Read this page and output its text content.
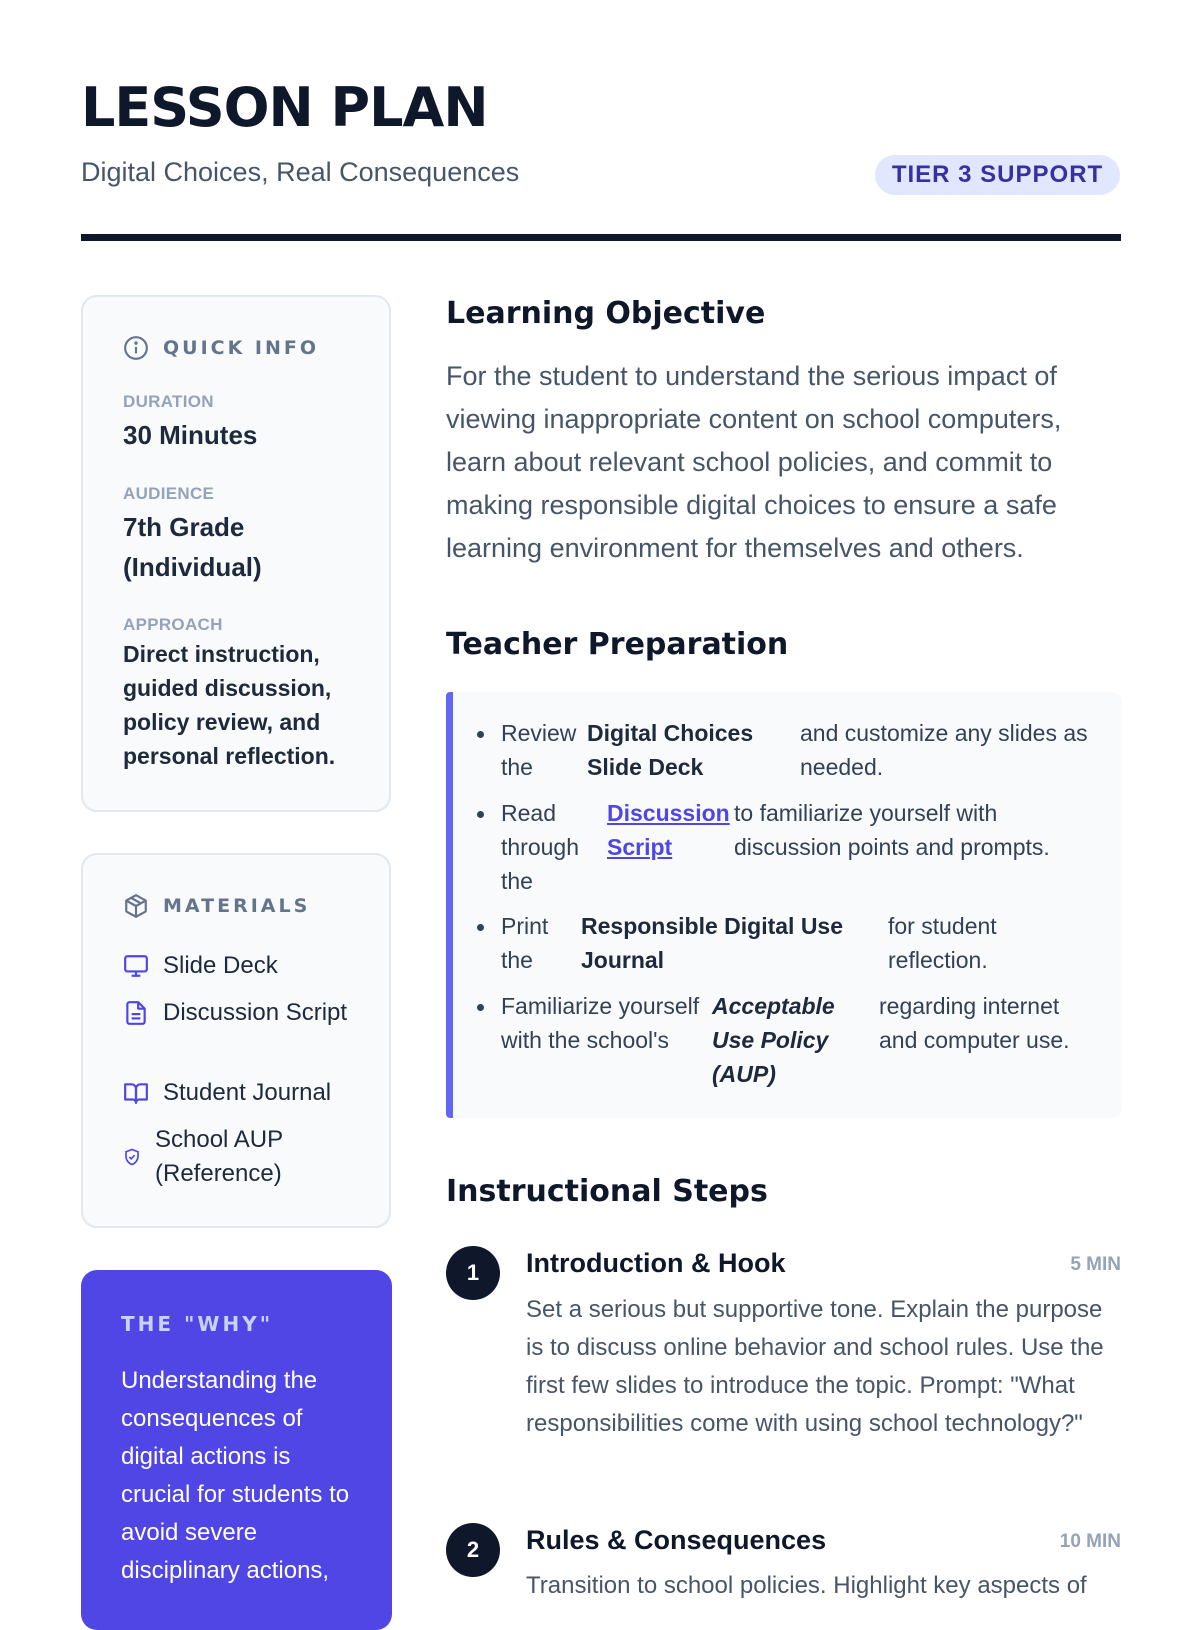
LESSON PLAN
Digital Choices, Real Consequences	TIER 3 SUPPORT
QUICK INFO
DURATION
30 Minutes
AUDIENCE
7th Grade (Individual)
APPROACH
Direct instruction, guided discussion, policy review, and personal reflection.
MATERIALS
Slide Deck
Discussion Script
Student Journal
School AUP (Reference)
THE "WHY"
Understanding the consequences of digital actions is crucial for students to avoid severe disciplinary actions,
Learning Objective
For the student to understand the serious impact of viewing inappropriate content on school computers, learn about relevant school policies, and commit to making responsible digital choices to ensure a safe learning environment for themselves and others.
Teacher Preparation
Review the
Digital Choices Slide Deck
and customize any slides as needed.
Read through the
Discussion Script
to familiarize yourself with discussion points and prompts.
Print the
Responsible Digital Use Journal
for student reflection.
Familiarize yourself with the school's
Acceptable Use Policy (AUP)
regarding internet and computer use.
Instructional Steps
1	Introduction & Hook	5 MIN
Set a serious but supportive tone. Explain the purpose is to discuss online behavior and school rules. Use the first few slides to introduce the topic. Prompt: "What responsibilities come with using school technology?"
2	Rules & Consequences	10 MIN
Transition to school policies. Highlight key aspects of
